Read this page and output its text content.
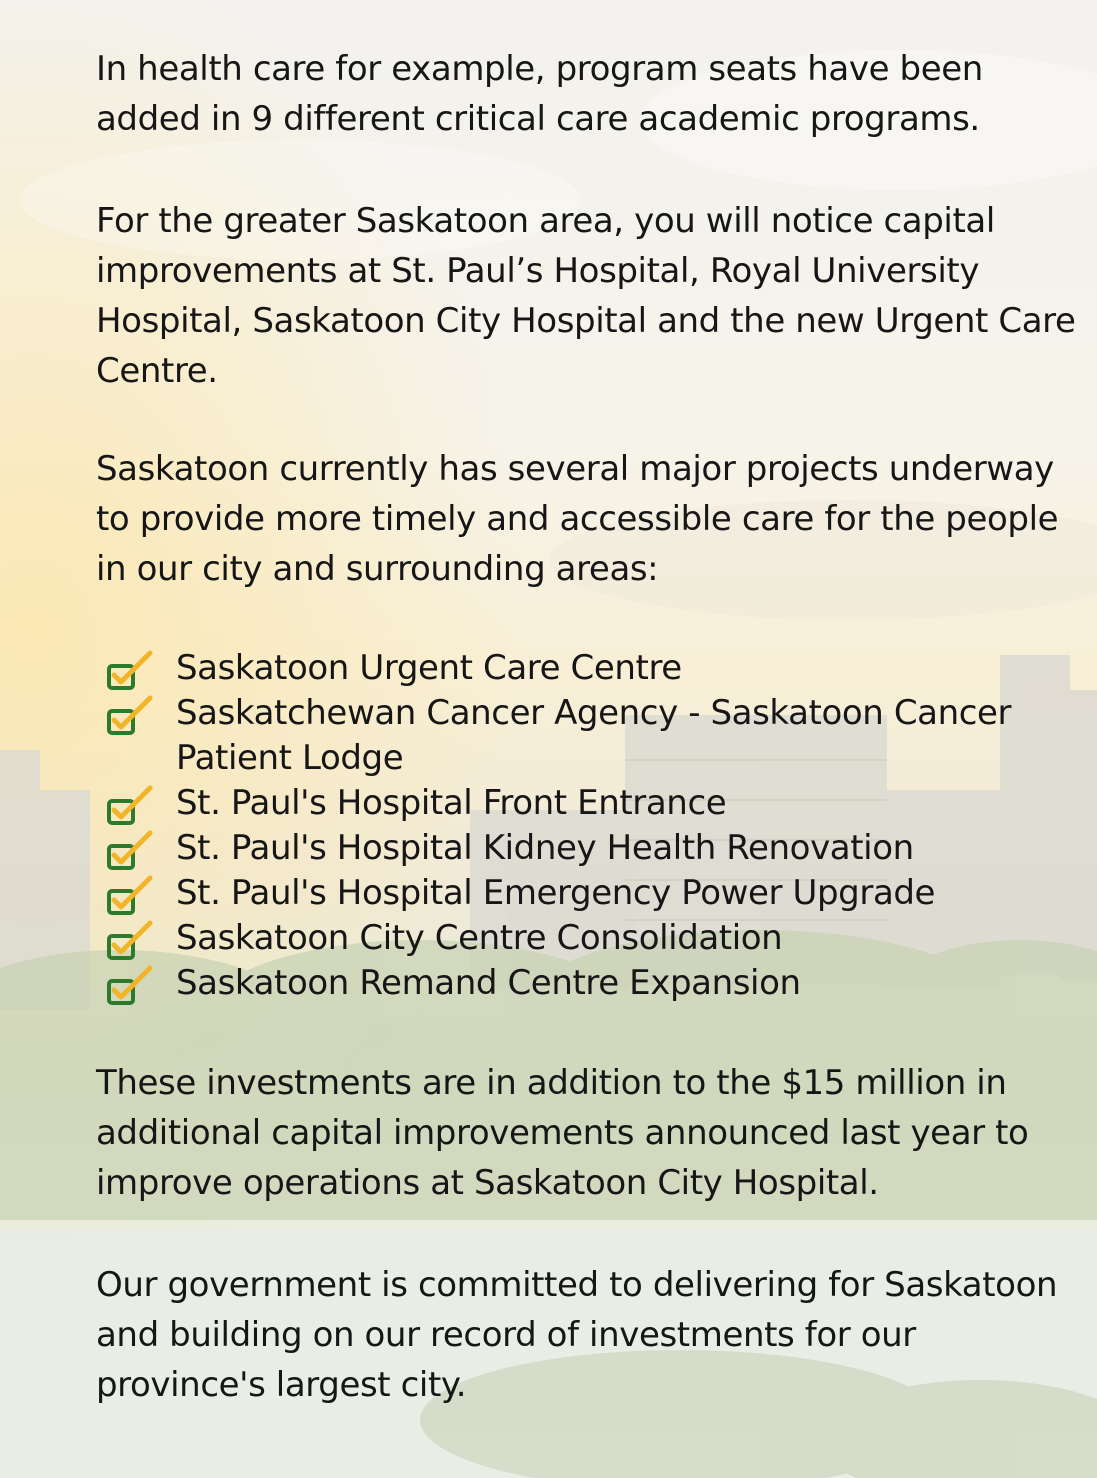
In health care for example, program seats have been added in 9 different critical care academic programs.

For the greater Saskatoon area, you will notice capital improvements at St. Paul’s Hospital, Royal University Hospital, Saskatoon City Hospital and the new Urgent Care Centre.

Saskatoon currently has several major projects underway to provide more timely and accessible care for the people in our city and surrounding areas:

Saskatoon Urgent Care Centre
Saskatchewan Cancer Agency - Saskatoon Cancer Patient Lodge
St. Paul's Hospital Front Entrance
St. Paul's Hospital Kidney Health Renovation
St. Paul's Hospital Emergency Power Upgrade
Saskatoon City Centre Consolidation
Saskatoon Remand Centre Expansion

These investments are in addition to the $15 million in additional capital improvements announced last year to improve operations at Saskatoon City Hospital.

Our government is committed to delivering for Saskatoon and building on our record of investments for our province's largest city.
